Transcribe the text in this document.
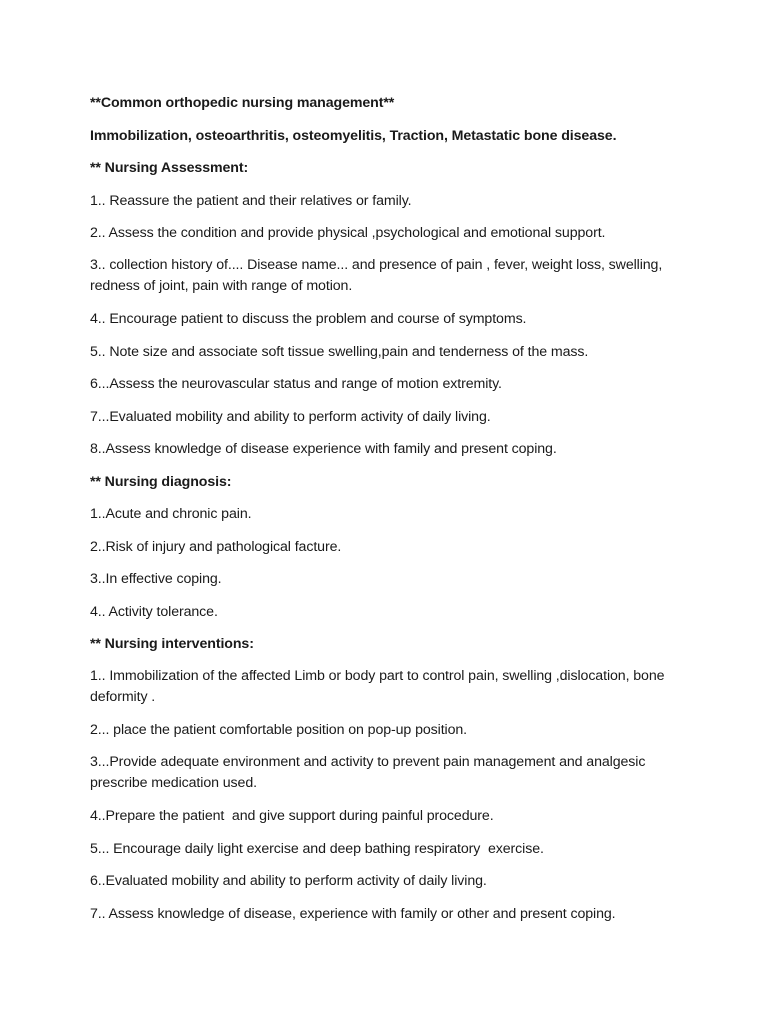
**Common orthopedic nursing management**

Immobilization, osteoarthritis, osteomyelitis, Traction, Metastatic bone disease.

** Nursing Assessment:

1.. Reassure the patient and their relatives or family.

2.. Assess the condition and provide physical ,psychological and emotional support.

3.. collection history of.... Disease name... and presence of pain , fever, weight loss, swelling, redness of joint, pain with range of motion.

4.. Encourage patient to discuss the problem and course of symptoms.

5.. Note size and associate soft tissue swelling,pain and tenderness of the mass.

6...Assess the neurovascular status and range of motion extremity.

7...Evaluated mobility and ability to perform activity of daily living.

8..Assess knowledge of disease experience with family and present coping.

** Nursing diagnosis:

1..Acute and chronic pain.

2..Risk of injury and pathological facture.

3..In effective coping.

4.. Activity tolerance.

** Nursing interventions:

1.. Immobilization of the affected Limb or body part to control pain, swelling ,dislocation, bone deformity .

2... place the patient comfortable position on pop-up position.

3...Provide adequate environment and activity to prevent pain management and analgesic prescribe medication used.

4..Prepare the patient  and give support during painful procedure.

5... Encourage daily light exercise and deep bathing respiratory  exercise.

6..Evaluated mobility and ability to perform activity of daily living.

7.. Assess knowledge of disease, experience with family or other and present coping.
